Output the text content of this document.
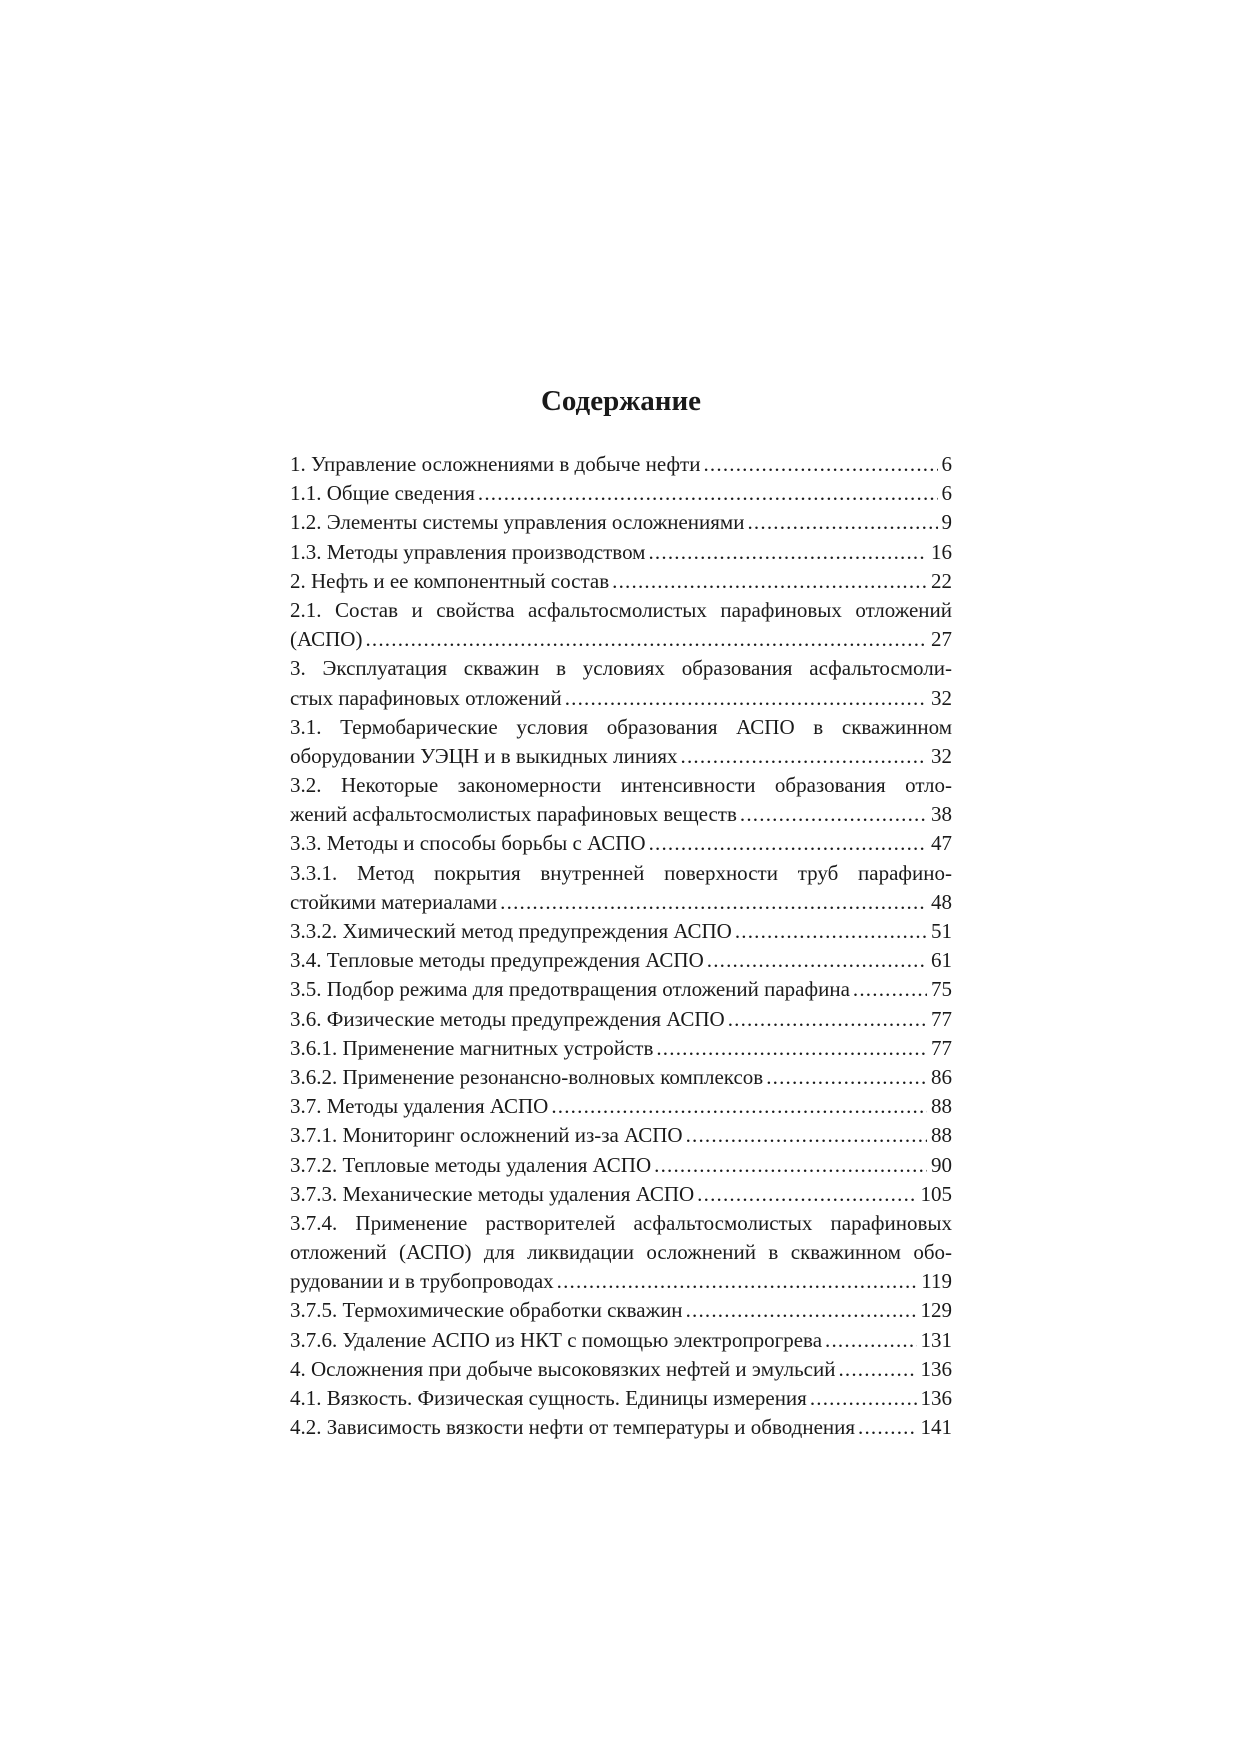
Содержание
1. Управление осложнениями в добыче нефти .....	6
1.1. Общие сведения .....	6
1.2. Элементы системы управления осложнениями .....	9
1.3. Методы управления производством .....	16
2. Нефть и ее компонентный состав .....	22
2.1. Состав и свойства асфальтосмолистых парафиновых отложений
(АСПО) .....	27
3. Эксплуатация скважин в условиях образования асфальтосмоли-
стых парафиновых отложений .....	32
3.1. Термобарические условия образования АСПО в скважинном
оборудовании УЭЦН и в выкидных линиях .....	32
3.2. Некоторые закономерности интенсивности образования отло-
жений асфальтосмолистых парафиновых веществ .....	38
3.3. Методы и способы борьбы с АСПО .....	47
3.3.1. Метод покрытия внутренней поверхности труб парафино-
стойкими материалами .....	48
3.3.2. Химический метод предупреждения АСПО .....	51
3.4. Тепловые методы предупреждения АСПО .....	61
3.5. Подбор режима для предотвращения отложений парафина .....	75
3.6. Физические методы предупреждения АСПО .....	77
3.6.1. Применение магнитных устройств .....	77
3.6.2. Применение резонансно-волновых комплексов .....	86
3.7. Методы удаления АСПО .....	88
3.7.1. Мониторинг осложнений из-за АСПО .....	88
3.7.2. Тепловые методы удаления АСПО .....	90
3.7.3. Механические методы удаления АСПО .....	105
3.7.4. Применение растворителей асфальтосмолистых парафиновых
отложений (АСПО) для ликвидации осложнений в скважинном обо-
рудовании и в трубопроводах .....	119
3.7.5. Термохимические обработки скважин .....	129
3.7.6. Удаление АСПО из НКТ с помощью электропрогрева .....	131
4. Осложнения при добыче высоковязких нефтей и эмульсий .....	136
4.1. Вязкость. Физическая сущность. Единицы измерения .....	136
4.2. Зависимость вязкости нефти от температуры и обводнения .....	141
